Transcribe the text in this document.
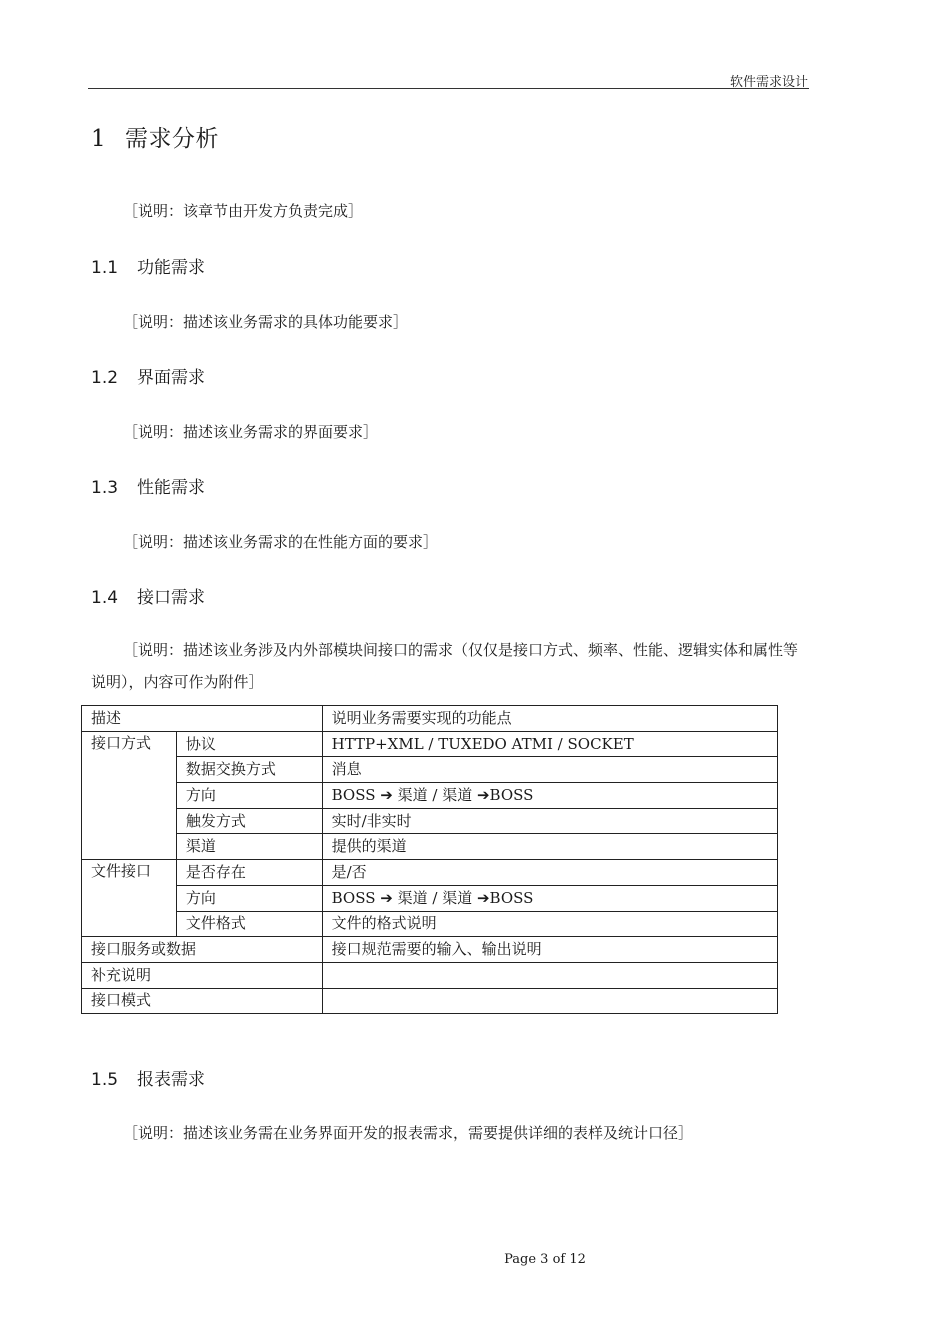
软件需求设计
1 需求分析
［说明：该章节由开发方负责完成］
1.1 功能需求
［说明：描述该业务需求的具体功能要求］
1.2 界面需求
［说明：描述该业务需求的界面要求］
1.3 性能需求
［说明：描述该业务需求的在性能方面的要求］
1.4 接口需求
［说明：描述该业务涉及内外部模块间接口的需求（仅仅是接口方式、频率、性能、逻辑实体和属性等说明），内容可作为附件］
描述		说明业务需要实现的功能点
接口方式	协议	HTTP+XML / TUXEDO ATMI / SOCKET
	数据交换方式	消息
	方向	BOSS ➔ 渠道 / 渠道 ➔BOSS
	触发方式	实时/非实时
	渠道	提供的渠道
文件接口	是否存在	是/否
	方向	BOSS ➔ 渠道 / 渠道 ➔BOSS
	文件格式	文件的格式说明
接口服务或数据		接口规范需要的输入、输出说明
补充说明		
接口模式		
1.5 报表需求
［说明：描述该业务需在业务界面开发的报表需求，需要提供详细的表样及统计口径］
Page 3 of 12
